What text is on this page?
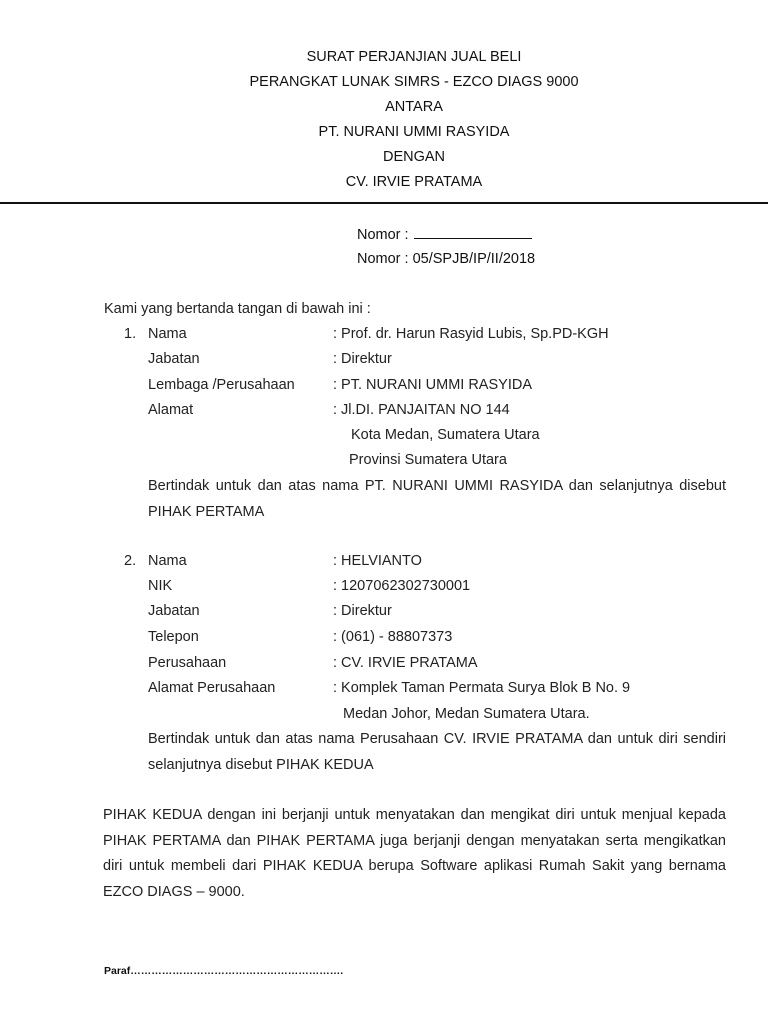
SURAT PERJANJIAN JUAL BELI
PERANGKAT LUNAK SIMRS - EZCO DIAGS 9000
ANTARA
PT. NURANI UMMI RASYIDA
DENGAN
CV. IRVIE PRATAMA
Nomor :
Nomor : 05/SPJB/IP/II/2018
Kami yang bertanda tangan di bawah ini :
1. Nama	: Prof. dr. Harun Rasyid Lubis, Sp.PD-KGH
Jabatan	: Direktur
Lembaga /Perusahaan	: PT. NURANI UMMI RASYIDA
Alamat	: Jl.DI. PANJAITAN NO 144
Kota Medan, Sumatera Utara
Provinsi Sumatera Utara
Bertindak untuk dan atas nama PT. NURANI UMMI RASYIDA dan selanjutnya disebut
PIHAK PERTAMA
2. Nama	: HELVIANTO
NIK	: 1207062302730001
Jabatan	: Direktur
Telepon	: (061) - 88807373
Perusahaan	: CV. IRVIE PRATAMA
Alamat Perusahaan	: Komplek Taman Permata Surya Blok B No. 9
Medan Johor, Medan Sumatera Utara.
Bertindak untuk dan atas nama Perusahaan CV. IRVIE PRATAMA dan untuk diri sendiri
selanjutnya disebut PIHAK KEDUA
PIHAK KEDUA dengan ini berjanji untuk menyatakan dan mengikat diri untuk menjual kepada
PIHAK PERTAMA dan PIHAK PERTAMA juga berjanji dengan menyatakan serta mengikatkan
diri untuk membeli dari PIHAK KEDUA berupa Software aplikasi Rumah Sakit yang bernama
EZCO DIAGS – 9000.
Paraf…………………………………………………….
